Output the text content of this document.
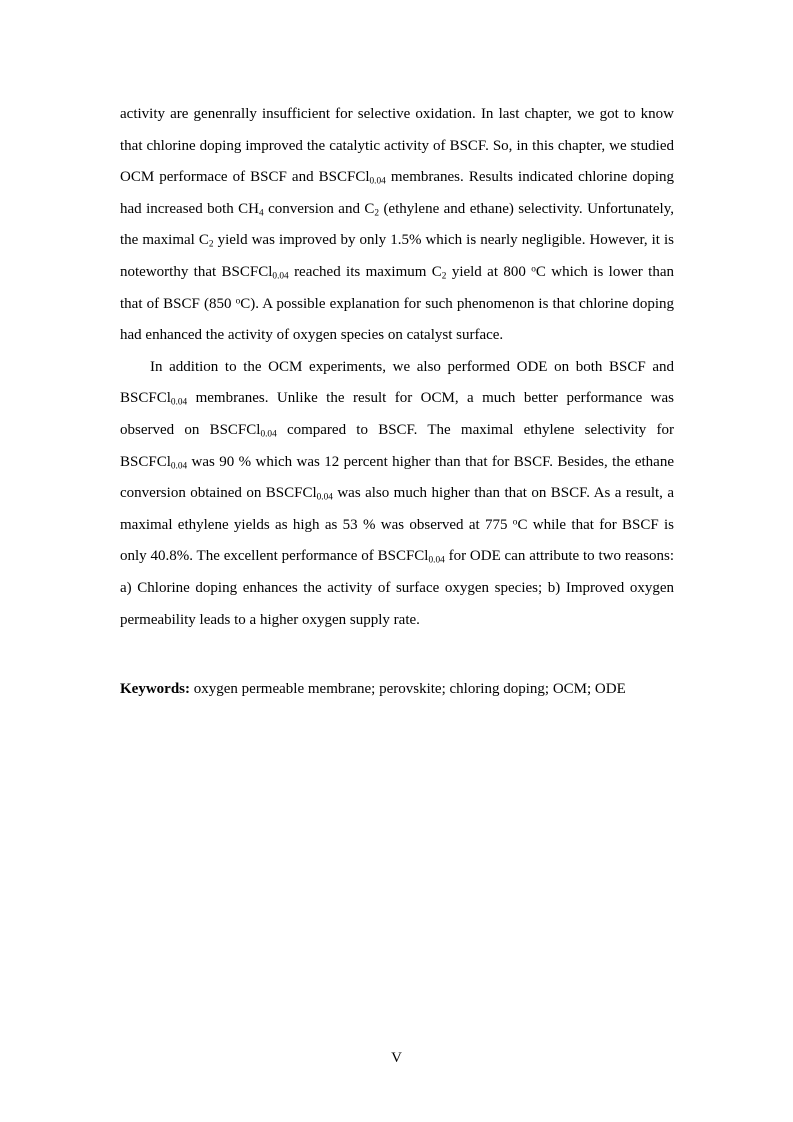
activity are genenrally insufficient for selective oxidation. In last chapter, we got to know that chlorine doping improved the catalytic activity of BSCF. So, in this chapter, we studied OCM performace of BSCF and BSCFCl$_{0.04}$ membranes. Results indicated chlorine doping had increased both $CH_4$ conversion and $C_2$ (ethylene and ethane) selectivity. Unfortunately, the maximal $C_2$ yield was improved by only 1.5% which is nearly negligible. However, it is noteworthy that BSCFCl$_{0.04}$ reached its maximum $C_2$ yield at 800 $^o$C which is lower than that of BSCF (850 $^o$C). A possible explanation for such phenomenon is that chlorine doping had enhanced the activity of oxygen species on catalyst surface.

In addition to the OCM experiments, we also performed ODE on both BSCF and BSCFCl$_{0.04}$ membranes. Unlike the result for OCM, a much better performance was observed on BSCFCl$_{0.04}$ compared to BSCF. The maximal ethylene selectivity for BSCFCl$_{0.04}$ was 90 % which was 12 percent higher than that for BSCF. Besides, the ethane conversion obtained on BSCFCl$_{0.04}$ was also much higher than that on BSCF. As a result, a maximal ethylene yields as high as 53 % was observed at 775 $^o$C while that for BSCF is only 40.8%. The excellent performance of BSCFCl$_{0.04}$ for ODE can attribute to two reasons: a) Chlorine doping enhances the activity of surface oxygen species; b) Improved oxygen permeability leads to a higher oxygen supply rate.

Keywords: oxygen permeable membrane; perovskite; chloring doping; OCM; ODE

V
